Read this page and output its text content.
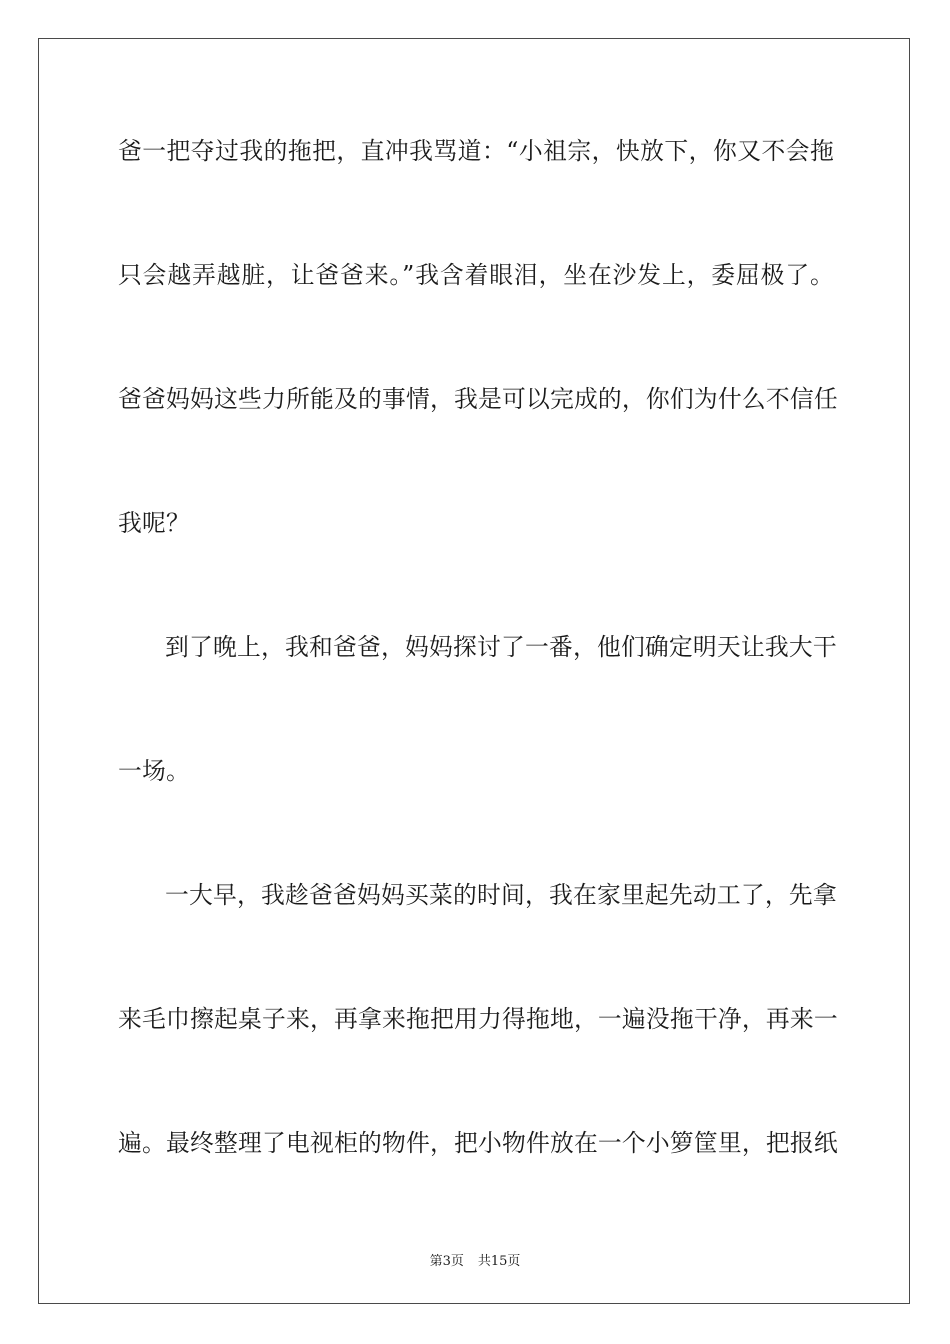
爸一把夺过我的拖把，直冲我骂道：“小祖宗，快放下，你又不会拖
只会越弄越脏，让爸爸来。”我含着眼泪，坐在沙发上，委屈极了。
爸爸妈妈这些力所能及的事情，我是可以完成的，你们为什么不信任
我呢？
到了晚上，我和爸爸，妈妈探讨了一番，他们确定明天让我大干
一场。
一大早，我趁爸爸妈妈买菜的时间，我在家里起先动工了，先拿
来毛巾擦起桌子来，再拿来拖把用力得拖地，一遍没拖干净，再来一
遍。最终整理了电视柜的物件，把小物件放在一个小箩筐里，把报纸
第3页 共15页
